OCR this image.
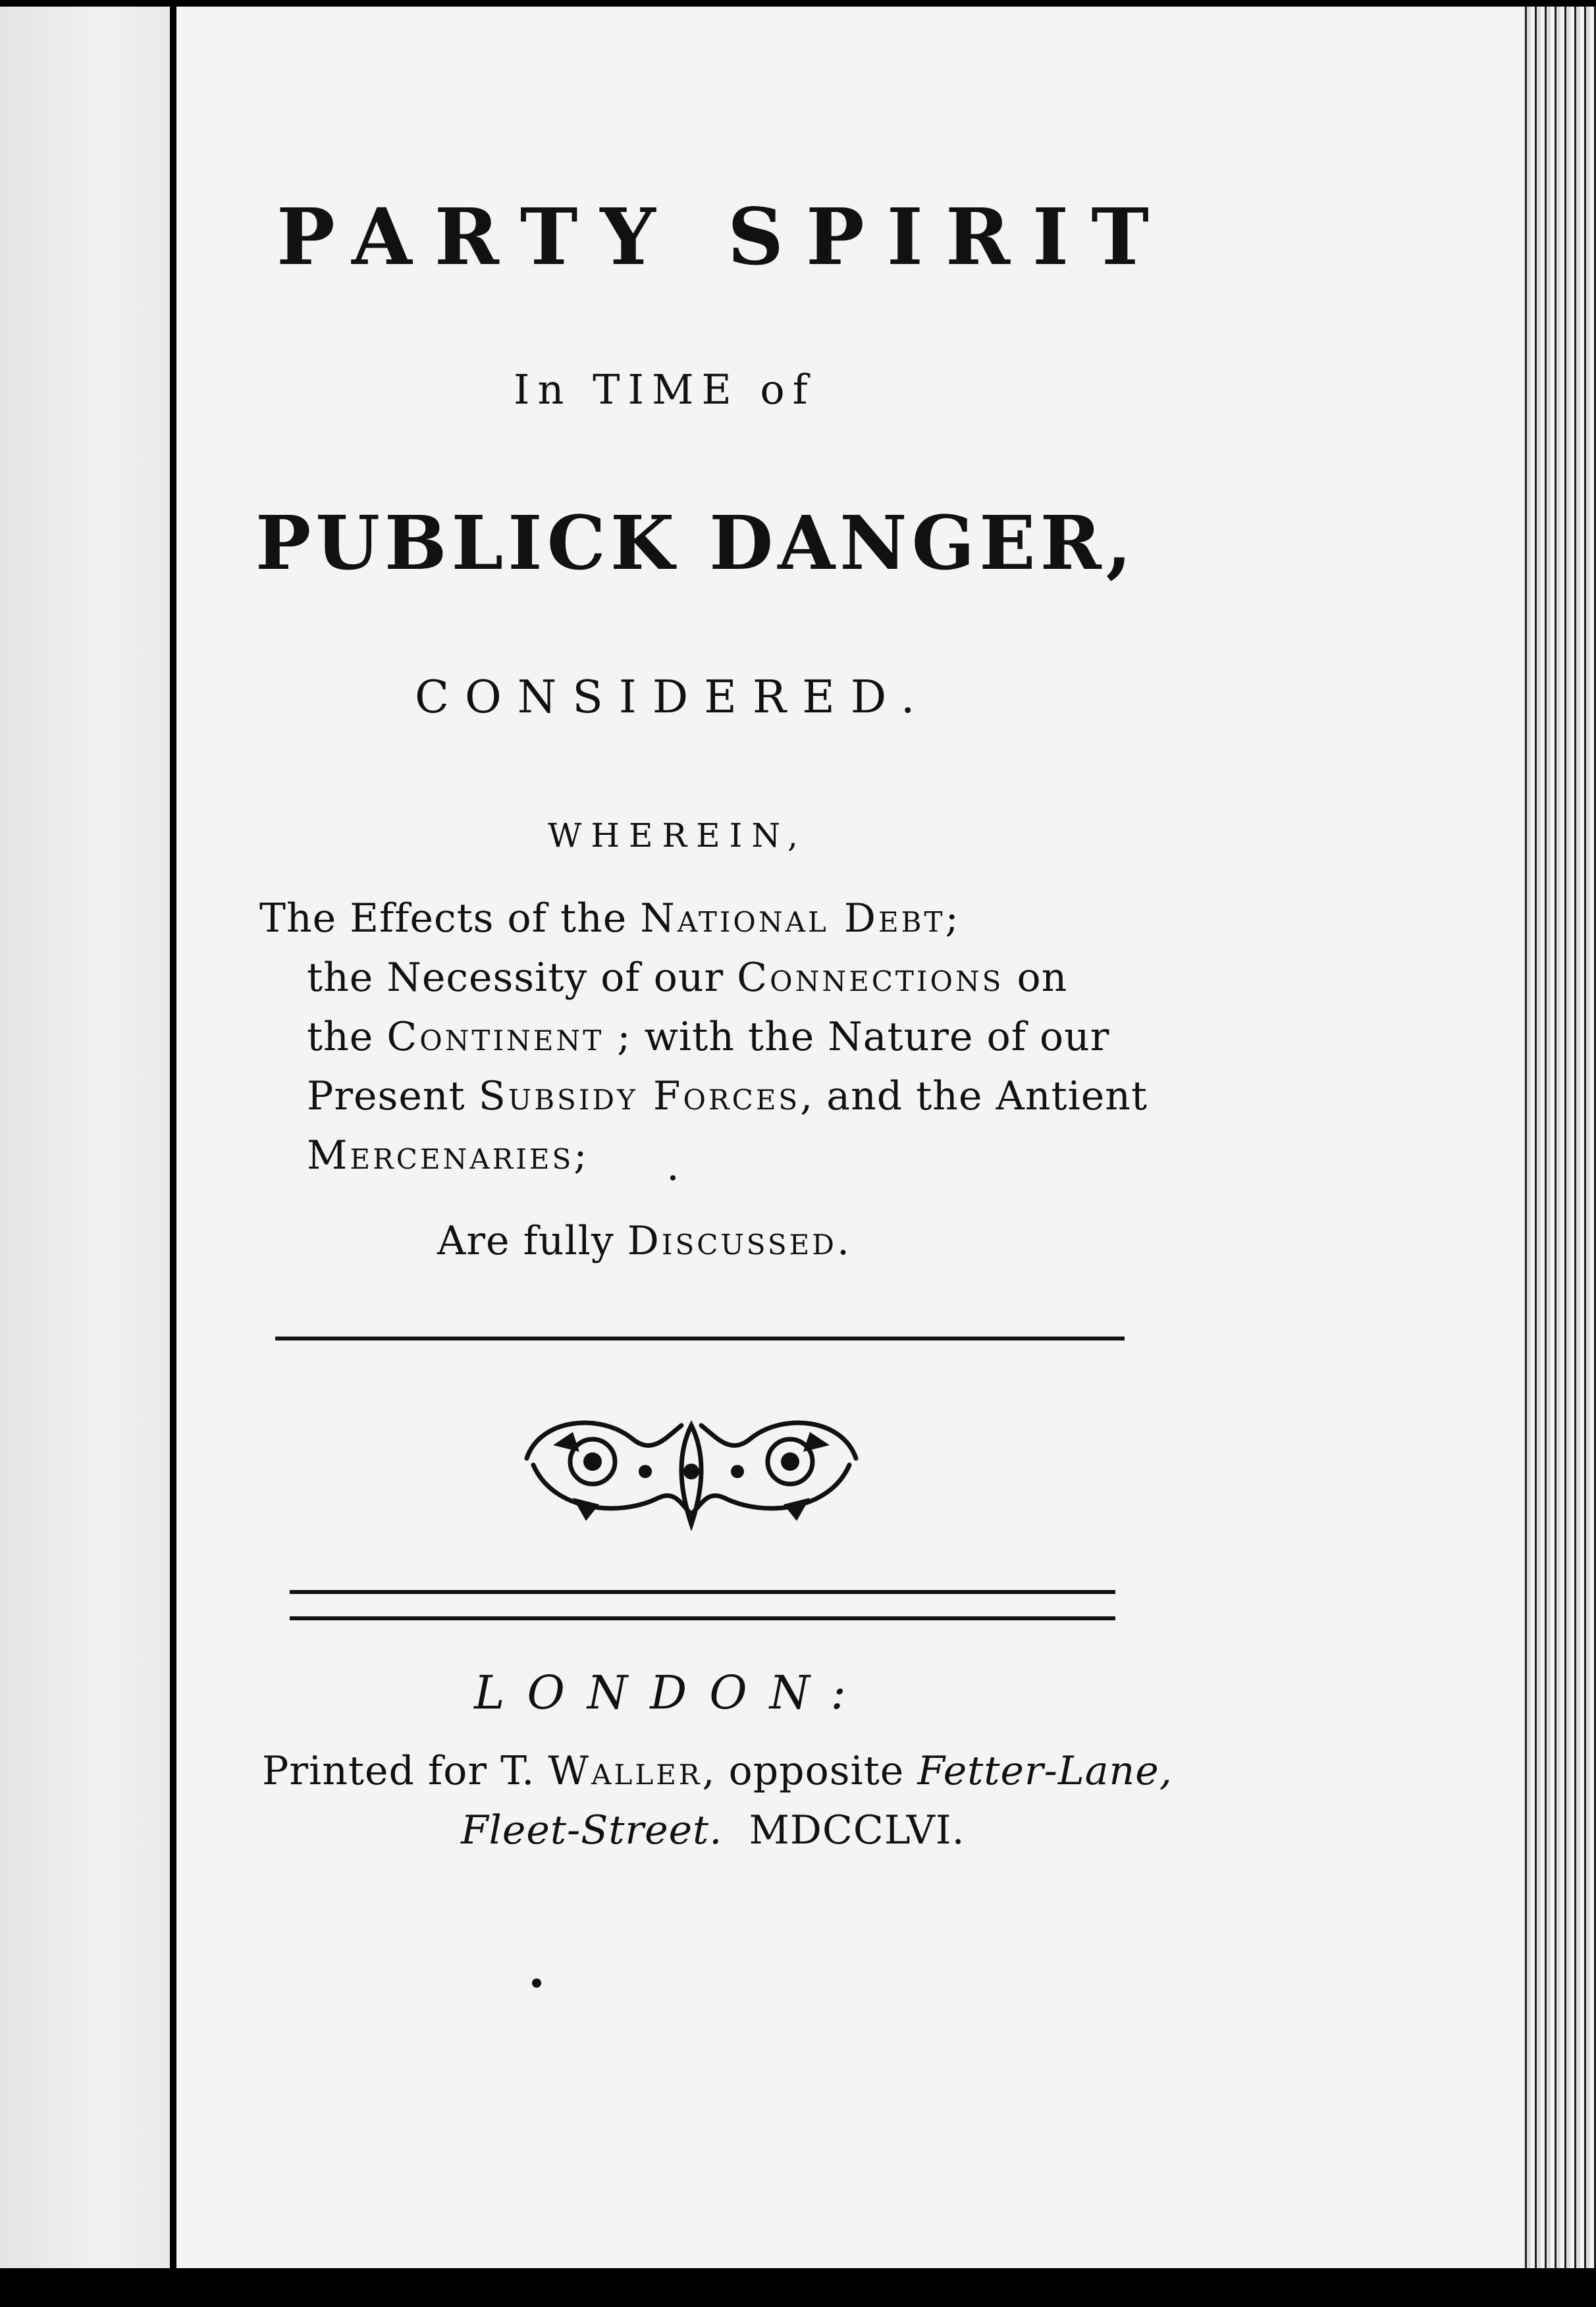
PARTY SPIRIT
In TIME of
PUBLICK DANGER,
CONSIDERED.
WHEREIN,
The Effects of the National Debt;
the Necessity of our Connections on
the Continent ; with the Nature of our
Present Subsidy Forces, and the Antient
Mercenaries;
Are fully Discussed.
LONDON:
Printed for T. Waller, opposite Fetter-Lane,
Fleet-Street. MDCCLVI.
